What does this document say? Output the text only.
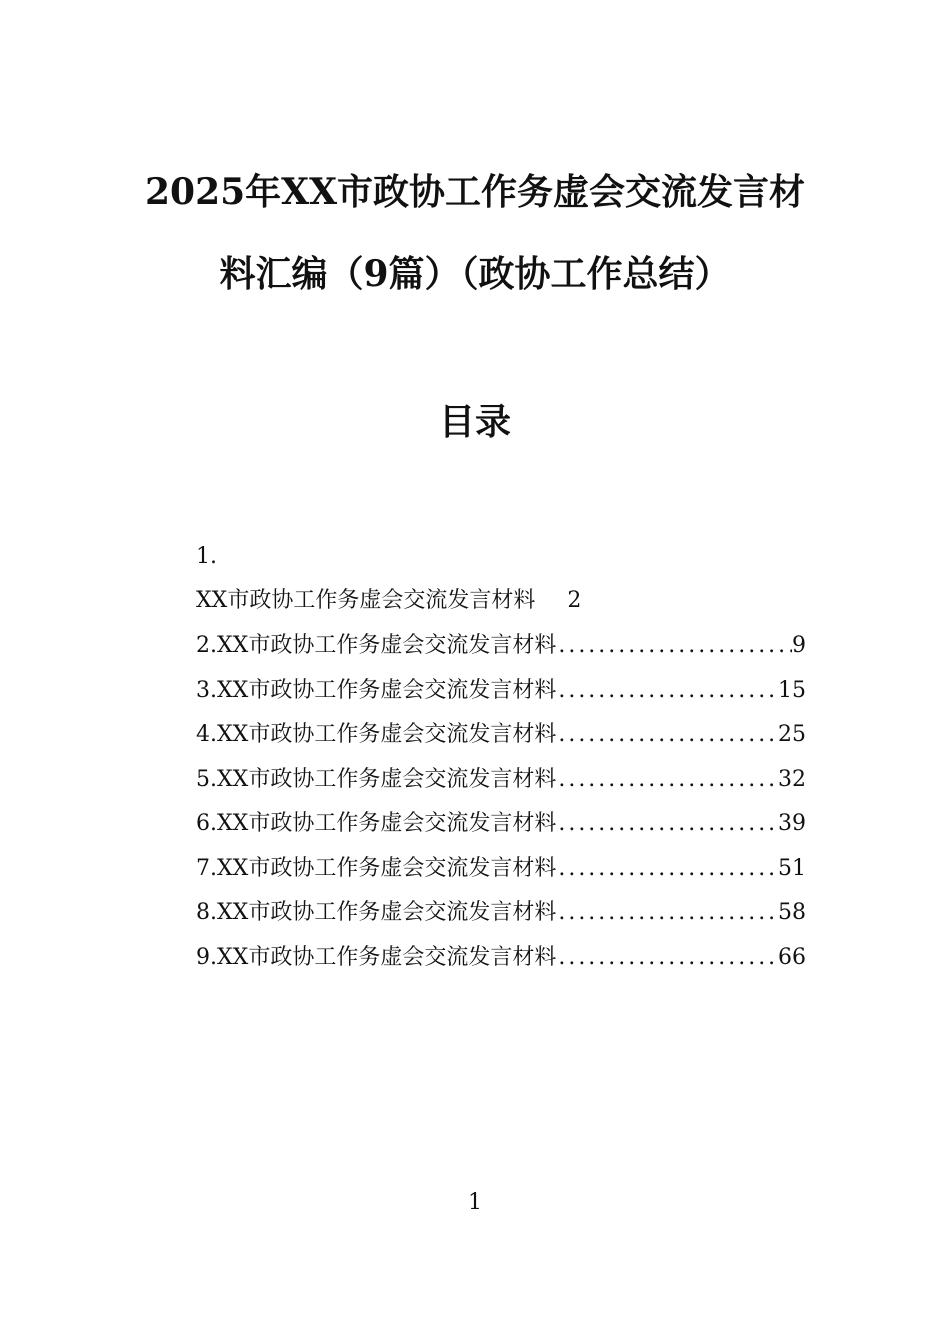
2025年XX市政协工作务虚会交流发言材
料汇编（9篇）（政协工作总结）
目录
1.
XX市政协工作务虚会交流发言材料 2
2.XX市政协工作务虚会交流发言材料 .....	9
3.XX市政协工作务虚会交流发言材料 .....	15
4.XX市政协工作务虚会交流发言材料 .....	25
5.XX市政协工作务虚会交流发言材料 .....	32
6.XX市政协工作务虚会交流发言材料 .....	39
7.XX市政协工作务虚会交流发言材料 .....	51
8.XX市政协工作务虚会交流发言材料 .....	58
9.XX市政协工作务虚会交流发言材料 .....	66
1
